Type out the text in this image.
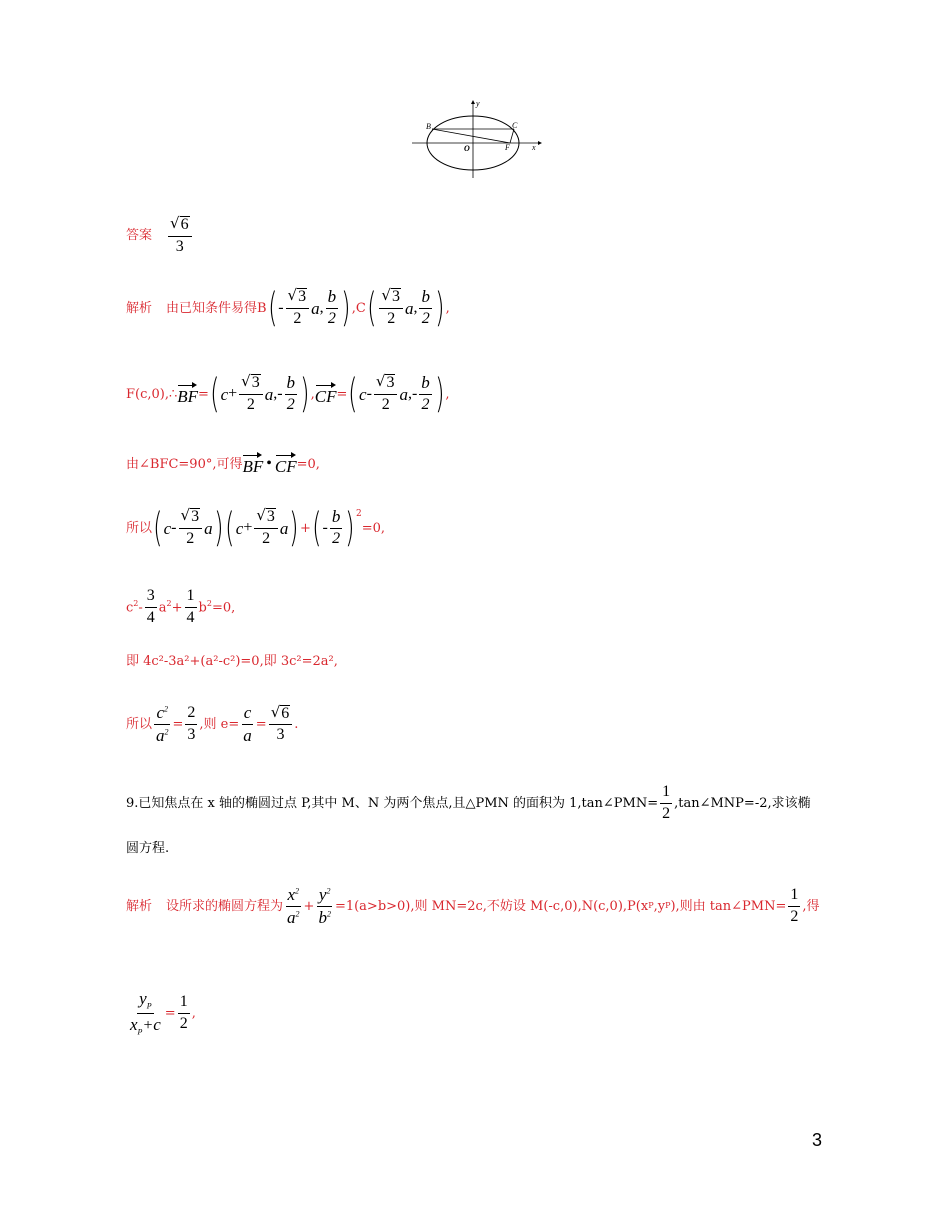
B	C
O	F	x
y
答案 $\frac{√ 6}{3}$
解析 由已知条件易得 B ( - $\frac{√ 3}{2}$ a , $\frac{b}{2}$ ) , C ( $\frac{√ 3}{2}$ a , $\frac{b}{2}$ ) ,
F(c,0),∴ BF = ( $c + \frac{√ 3}{2}$ a ,- $\frac{b}{2}$ ) , CF = ( c - $\frac{√ 3}{2}$ a ,- $\frac{b}{2}$ ) ,
由∠BFC=90°,可得 BF • CF =0,
所以 ( c - $\frac{√ 3}{2}$ a ) ( $c + \frac{√ 3}{2}$ a ) + ( - $\frac{b}{2}$ ) 2
=0,
$c^2- \frac{3}{4} a^2+ \frac{1}{4} b^2=0$,
即 4c²-3a²+(a²-c²)=0,即 3c²=2a²,
所以 $\frac{c^2}{a^2} = \frac{2}{3}$ ,则 $e= \frac{c}{a} = \frac{√ 6}{3}$ .
9.已知焦点在 x 轴的椭圆过点 P,其中 M、N 为两个焦点,且△PMN 的面积为 1,tan∠PMN= $\frac{1}{2}$ ,tan∠MNP=-2,求该椭
圆方程.
解析 设所求的椭圆方程为 $\frac{x^2}{a^2} + \frac{y^2}{b^2} =1(a>b>0)$,则 MN=2c,不妨设 M(-c,0),N(c,0),P(x P ,y P ),则由 tan∠PMN= $\frac{1}{2}$ ,得
$\frac{y_P}{x_P+c} = \frac{1}{2}$ ,
3
